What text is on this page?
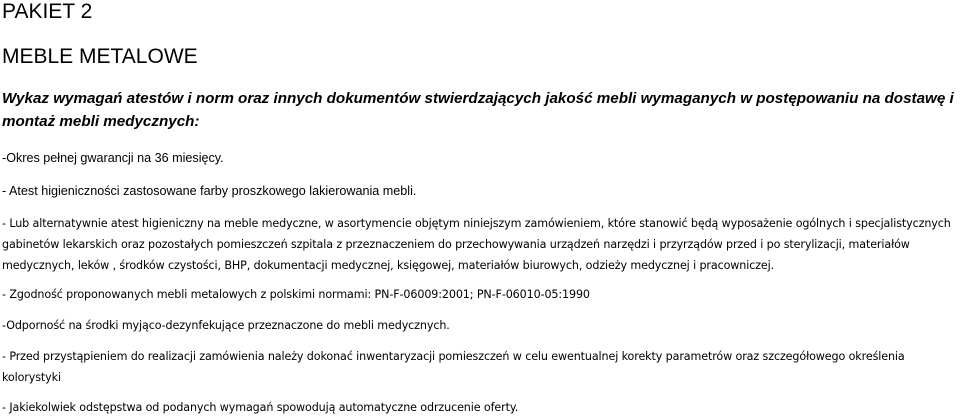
PAKIET 2
MEBLE METALOWE

Wykaz wymagań atestów i norm oraz innych dokumentów stwierdzających jakość mebli wymaganych w postępowaniu na dostawę i montaż mebli medycznych:

-Okres pełnej gwarancji na 36 miesięcy.

- Atest higieniczności zastosowane farby proszkowego lakierowania mebli.

- Lub alternatywnie atest higieniczny na meble medyczne, w asortymencie objętym niniejszym zamówieniem, które stanowić będą wyposażenie ogólnych i specjalistycznych gabinetów lekarskich oraz pozostałych pomieszczeń szpitala z przeznaczeniem do przechowywania urządzeń narzędzi i przyrządów przed i po sterylizacji, materiałów medycznych, leków , środków czystości, BHP, dokumentacji medycznej, księgowej, materiałów biurowych, odzieży medycznej i pracowniczej.

- Zgodność proponowanych mebli metalowych z polskimi normami: PN-F-06009:2001; PN-F-06010-05:1990

-Odporność na środki myjąco-dezynfekujące przeznaczone do mebli medycznych.

- Przed przystąpieniem do realizacji zamówienia należy dokonać inwentaryzacji pomieszczeń w celu ewentualnej korekty parametrów oraz szczegółowego określenia kolorystyki

- Jakiekolwiek odstępstwa od podanych wymagań spowodują automatyczne odrzucenie oferty.
